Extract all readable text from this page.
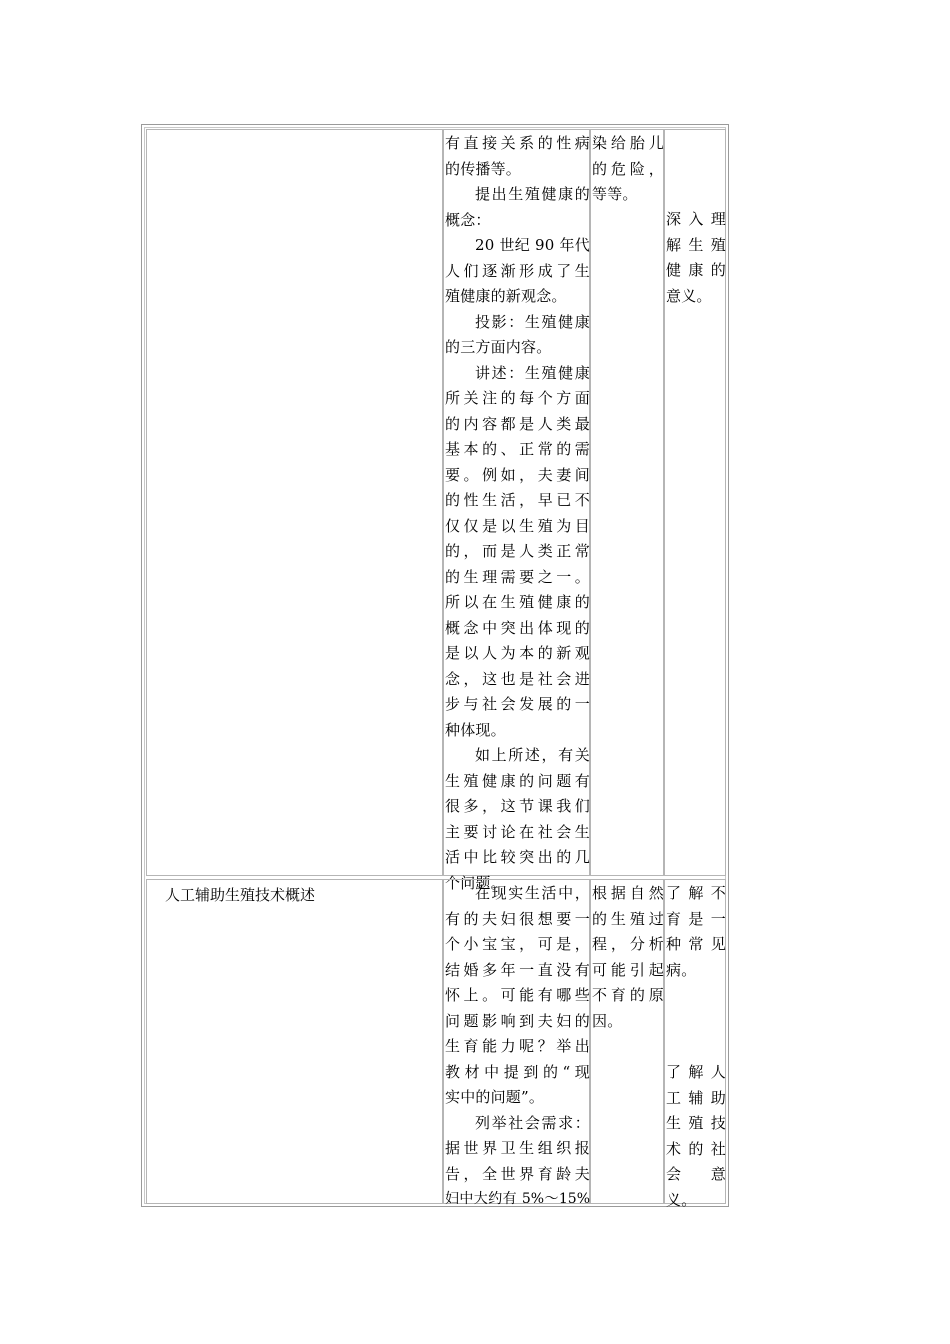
有直接关系的性病
的传播等。
提出生殖健康的
概念：
20 世纪 90 年代
人们逐渐形成了生
殖健康的新观念。
投影：生殖健康
的三方面内容。
讲述：生殖健康
所关注的每个方面
的内容都是人类最
基本的、正常的需
要。例如，夫妻间
的性生活，早已不
仅仅是以生殖为目
的，而是人类正常
的生理需要之一。
所以在生殖健康的
概念中突出体现的
是以人为本的新观
念，这也是社会进
步与社会发展的一
种体现。
如上所述，有关
生殖健康的问题有
很多，这节课我们
主要讨论在社会生
活中比较突出的几
个问题。
染给胎儿
的危险，
等等。
深入理
解生殖
健康的
意义。
人工辅助生殖技术概述	在现实生活中，
有的夫妇很想要一
个小宝宝，可是，
结婚多年一直没有
怀上。可能有哪些
问题影响到夫妇的
生育能力呢？举出
教材中提到的“现
实中的问题”。
列举社会需求：
据世界卫生组织报
告，全世界育龄夫
妇中大约有 5%～15%
根据自然
的生殖过
程，分析
可能引起
不育的原
因。
了解不
育是一
种常见
病。
了解人
工辅助
生殖技
术的社
会　意
义。
